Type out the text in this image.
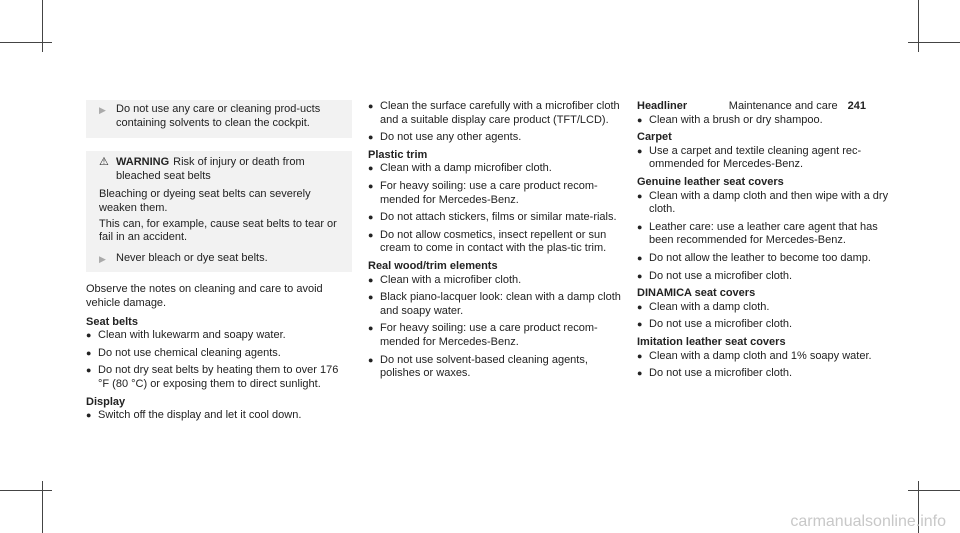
Maintenance and care 241
▶ Do not use any care or cleaning prod-ucts containing solvents to clean the cockpit.
⚠ WARNING Risk of injury or death from bleached seat belts

Bleaching or dyeing seat belts can severely weaken them.

This can, for example, cause seat belts to tear or fail in an accident.

▶ Never bleach or dye seat belts.

Observe the notes on cleaning and care to avoid vehicle damage.

Seat belts
●
Clean with lukewarm and soapy water.
●
Do not use chemical cleaning agents.
●
Do not dry seat belts by heating them to over 176 °F (80 °C) or exposing them to direct sunlight.
Display
●
Switch off the display and let it cool down.
●
Clean the surface carefully with a microfiber cloth and a suitable display care product (TFT/LCD).
●
Do not use any other agents.
Plastic trim
●
Clean with a damp microfiber cloth.
●
For heavy soiling: use a care product recom-mended for Mercedes-Benz.
●
Do not attach stickers, films or similar mate-rials.
●
Do not allow cosmetics, insect repellent or sun cream to come in contact with the plas-tic trim.
Real wood/trim elements
●
Clean with a microfiber cloth.
●
Black piano-lacquer look: clean with a damp cloth and soapy water.
●
For heavy soiling: use a care product recom-mended for Mercedes-Benz.
●
Do not use solvent-based cleaning agents, polishes or waxes.
Headliner
●
Clean with a brush or dry shampoo.
Carpet
●
Use a carpet and textile cleaning agent rec-ommended for Mercedes-Benz.
Genuine leather seat covers
●
Clean with a damp cloth and then wipe with a dry cloth.
●
Leather care: use a leather care agent that has been recommended for Mercedes-Benz.
●
Do not allow the leather to become too damp.
●
Do not use a microfiber cloth.
DINAMICA seat covers
●
Clean with a damp cloth.
●
Do not use a microfiber cloth.
Imitation leather seat covers
●
Clean with a damp cloth and 1% soapy water.
●
Do not use a microfiber cloth.
carmanualsonline.info
